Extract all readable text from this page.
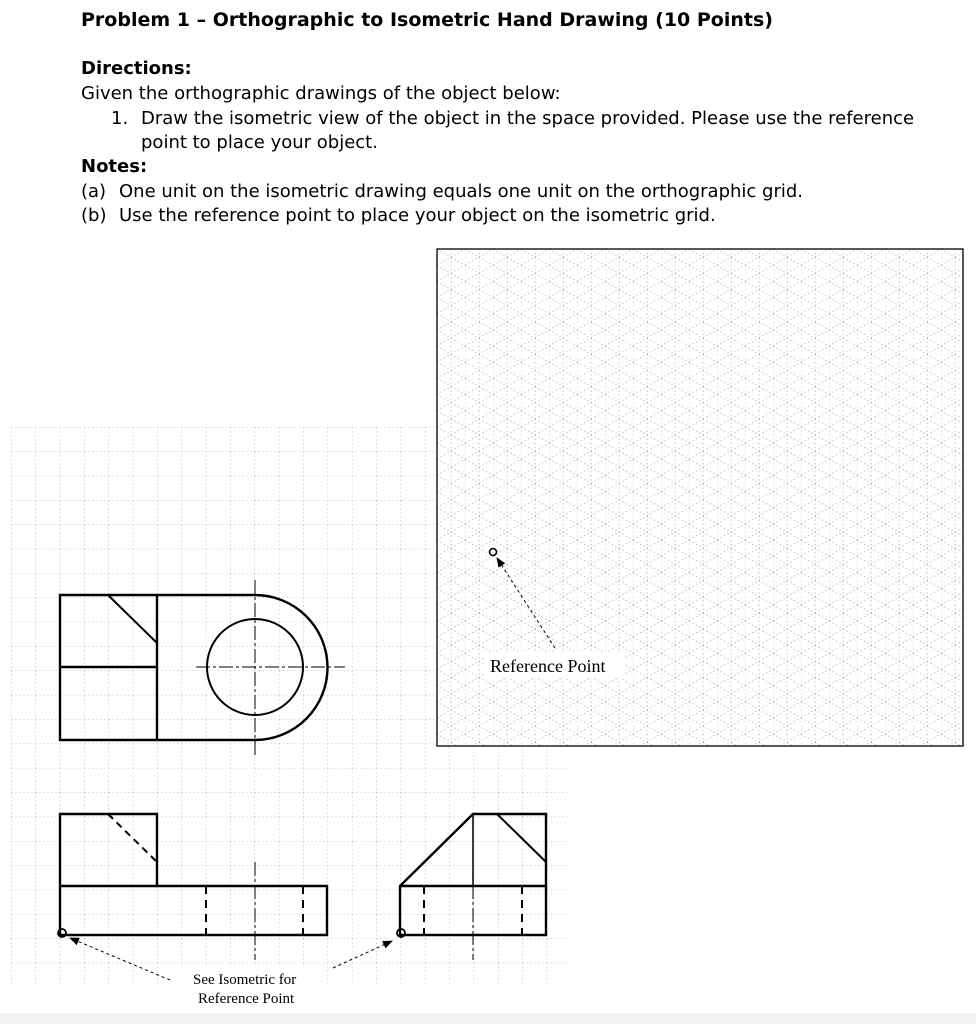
Problem 1 – Orthographic to Isometric Hand Drawing (10 Points)
Directions:
Given the orthographic drawings of the object below:
1. Draw the isometric view of the object in the space provided. Please use the reference
point to place your object.
Notes:
(a) One unit on the isometric drawing equals one unit on the orthographic grid.
(b) Use the reference point to place your object on the isometric grid.
Reference Point
See Isometric for
Reference Point
